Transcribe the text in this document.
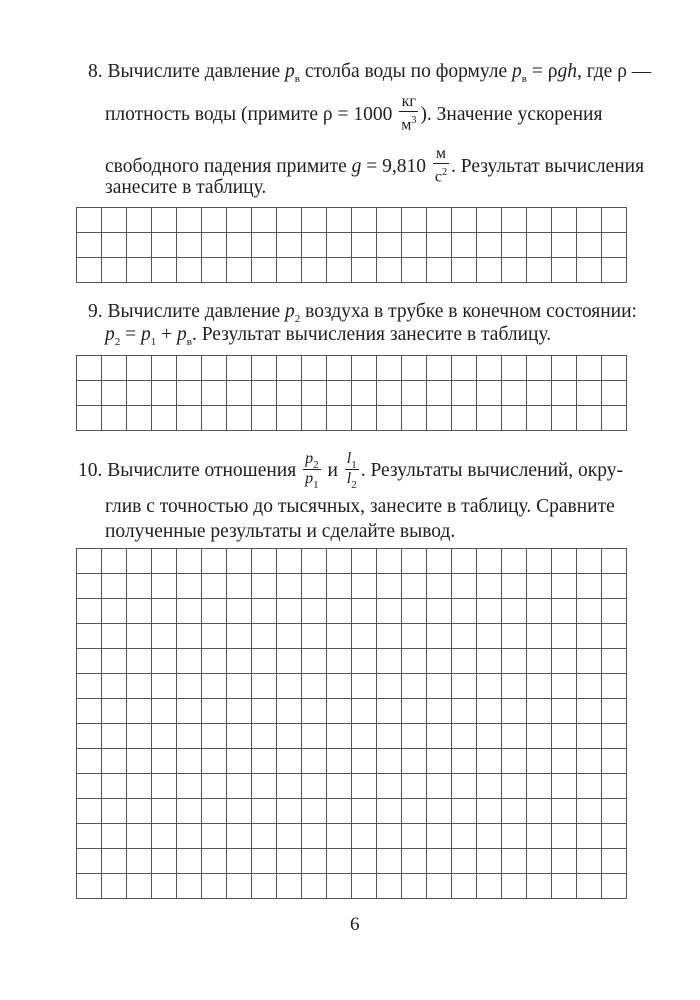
8. Вычислите давление $p_в$ столба воды по формуле $p_в = \rho gh$, где ρ —
плотность воды (примите $\rho = 1000 \frac{кг}{м^3}$ ). Значение ускорения
свободного падения примите $g = 9,810 \frac{м}{с^2}$ . Результат вычисления
занесите в таблицу.
9. Вычислите давление $p_2$ воздуха в трубке в конечном состоянии:
$p_2 = p_1 + p_в$. Результат вычисления занесите в таблицу.
10. Вычислите отношения $\frac{p_2}{p_1}$ и $\frac{l_1}{l_2}$ . Результаты вычислений, окру-
глив с точностью до тысячных, занесите в таблицу. Сравните
полученные результаты и сделайте вывод.
6
